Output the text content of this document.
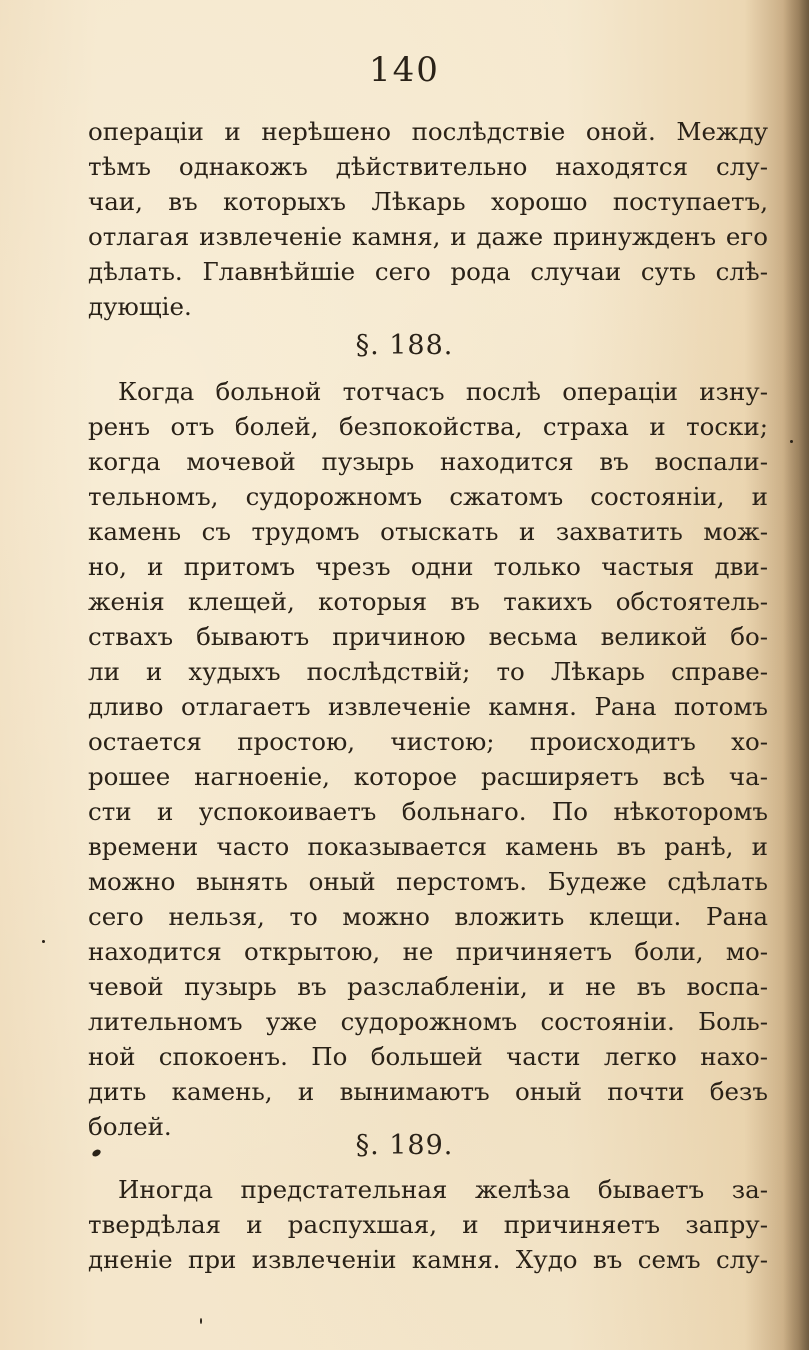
140
операціи и нерѣшено послѣдствіе оной. Между
тѣмъ однакожъ дѣйствительно находятся слу-
чаи, въ которыхъ Лѣкарь хорошо поступаетъ,
отлагая извлеченіе камня, и даже принужденъ его
дѣлать. Главнѣйшіе сего рода случаи суть слѣ-
дующіе.
§. 188.
Когда больной тотчасъ послѣ операціи изну-
ренъ отъ болей, безпокойства, страха и тоски;
когда мочевой пузырь находится въ воспали-
тельномъ, судорожномъ сжатомъ состояніи, и
камень съ трудомъ отыскать и захватить мож-
но, и притомъ чрезъ одни только частыя дви-
женія клещей, которыя въ такихъ обстоятель-
ствахъ бываютъ причиною весьма великой бо-
ли и худыхъ послѣдствій; то Лѣкарь справе-
дливо отлагаетъ извлеченіе камня. Рана потомъ
остается простою, чистою; происходитъ хо-
рошее нагноеніе, которое расширяетъ всѣ ча-
сти и успокоиваетъ больнаго. По нѣкоторомъ
времени часто показывается камень въ ранѣ, и
можно вынять оный перстомъ. Будеже сдѣлать
сего нельзя, то можно вложить клещи. Рана
находится открытою, не причиняетъ боли, мо-
чевой пузырь въ разслабленіи, и не въ воспа-
лительномъ уже судорожномъ состояніи. Боль-
ной спокоенъ. По большей части легко нахо-
дить камень, и вынимаютъ оный почти безъ
болей.
§. 189.
Иногда предстательная желѣза бываетъ за-
твердѣлая и распухшая, и причиняетъ запру-
дненіе при извлеченіи камня. Худо въ семъ слу-
